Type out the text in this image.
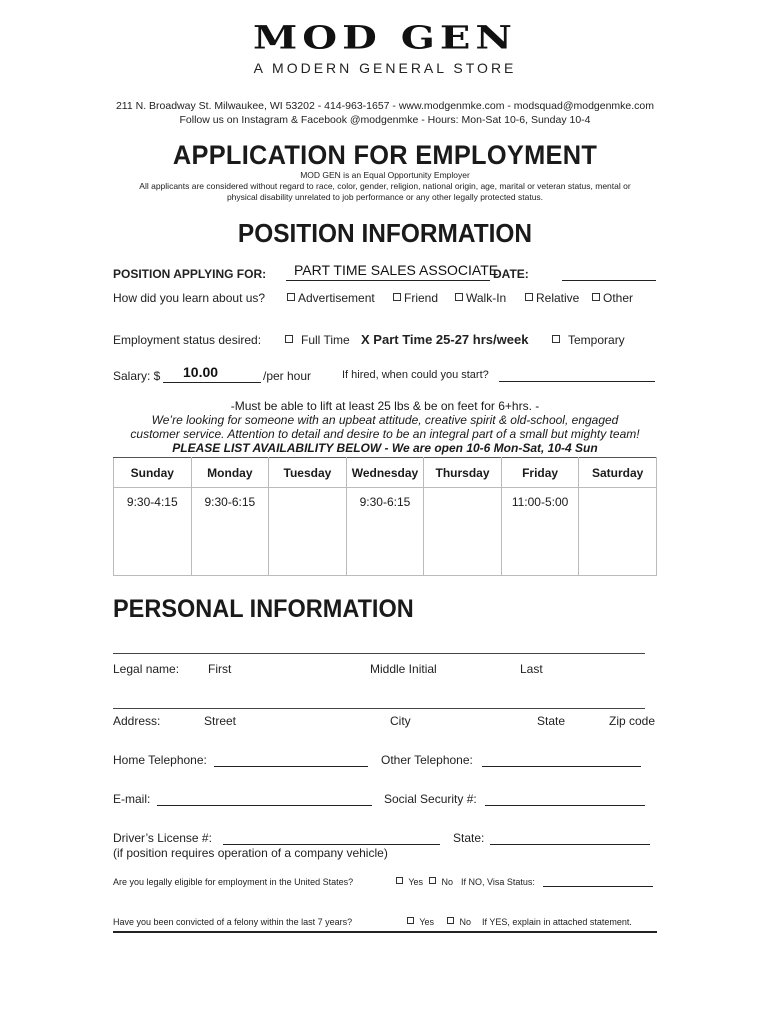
MOD GEN
A MODERN GENERAL STORE
211 N. Broadway St. Milwaukee, WI 53202 - 414-963-1657 - www.modgenmke.com - modsquad@modgenmke.com
Follow us on Instagram & Facebook @modgenmke - Hours: Mon-Sat 10-6, Sunday 10-4
APPLICATION FOR EMPLOYMENT
MOD GEN is an Equal Opportunity Employer
All applicants are considered without regard to race, color, gender, religion, national origin, age, marital or veteran status, mental or
physical disability unrelated to job performance or any other legally protected status.
POSITION INFORMATION
POSITION APPLYING FOR: PART TIME SALES ASSOCIATE
DATE:
How did you learn about us?	Advertisement	Friend	Walk-In	Relative	Other
Employment status desired:	Full Time X Part Time 25-27 hrs/week	Temporary
Salary: $ 10.00	/per hour	If hired, when could you start?
-Must be able to lift at least 25 lbs & be on feet for 6+hrs. -
We’re looking for someone with an upbeat attitude, creative spirit & old-school, engaged
customer service. Attention to detail and desire to be an integral part of a small but mighty team!
PLEASE LIST AVAILABILITY BELOW - We are open 10-6 Mon-Sat, 10-4 Sun
Sunday	Monday	Tuesday	Wednesday	Thursday	Friday	Saturday
9:30-4:15	9:30-6:15		9:30-6:15		11:00-5:00	
PERSONAL INFORMATION
Legal name: First	Middle Initial	Last
Address:	Street	City	State	Zip code
Home Telephone:	Other Telephone:
E-mail:	Social Security #:
Driver’s License #:	State:
(if position requires operation of a company vehicle)
Are you legally eligible for employment in the United States?	Yes	No If NO, Visa Status:
Have you been convicted of a felony within the last 7 years?	Yes	No If YES, explain in attached statement.
